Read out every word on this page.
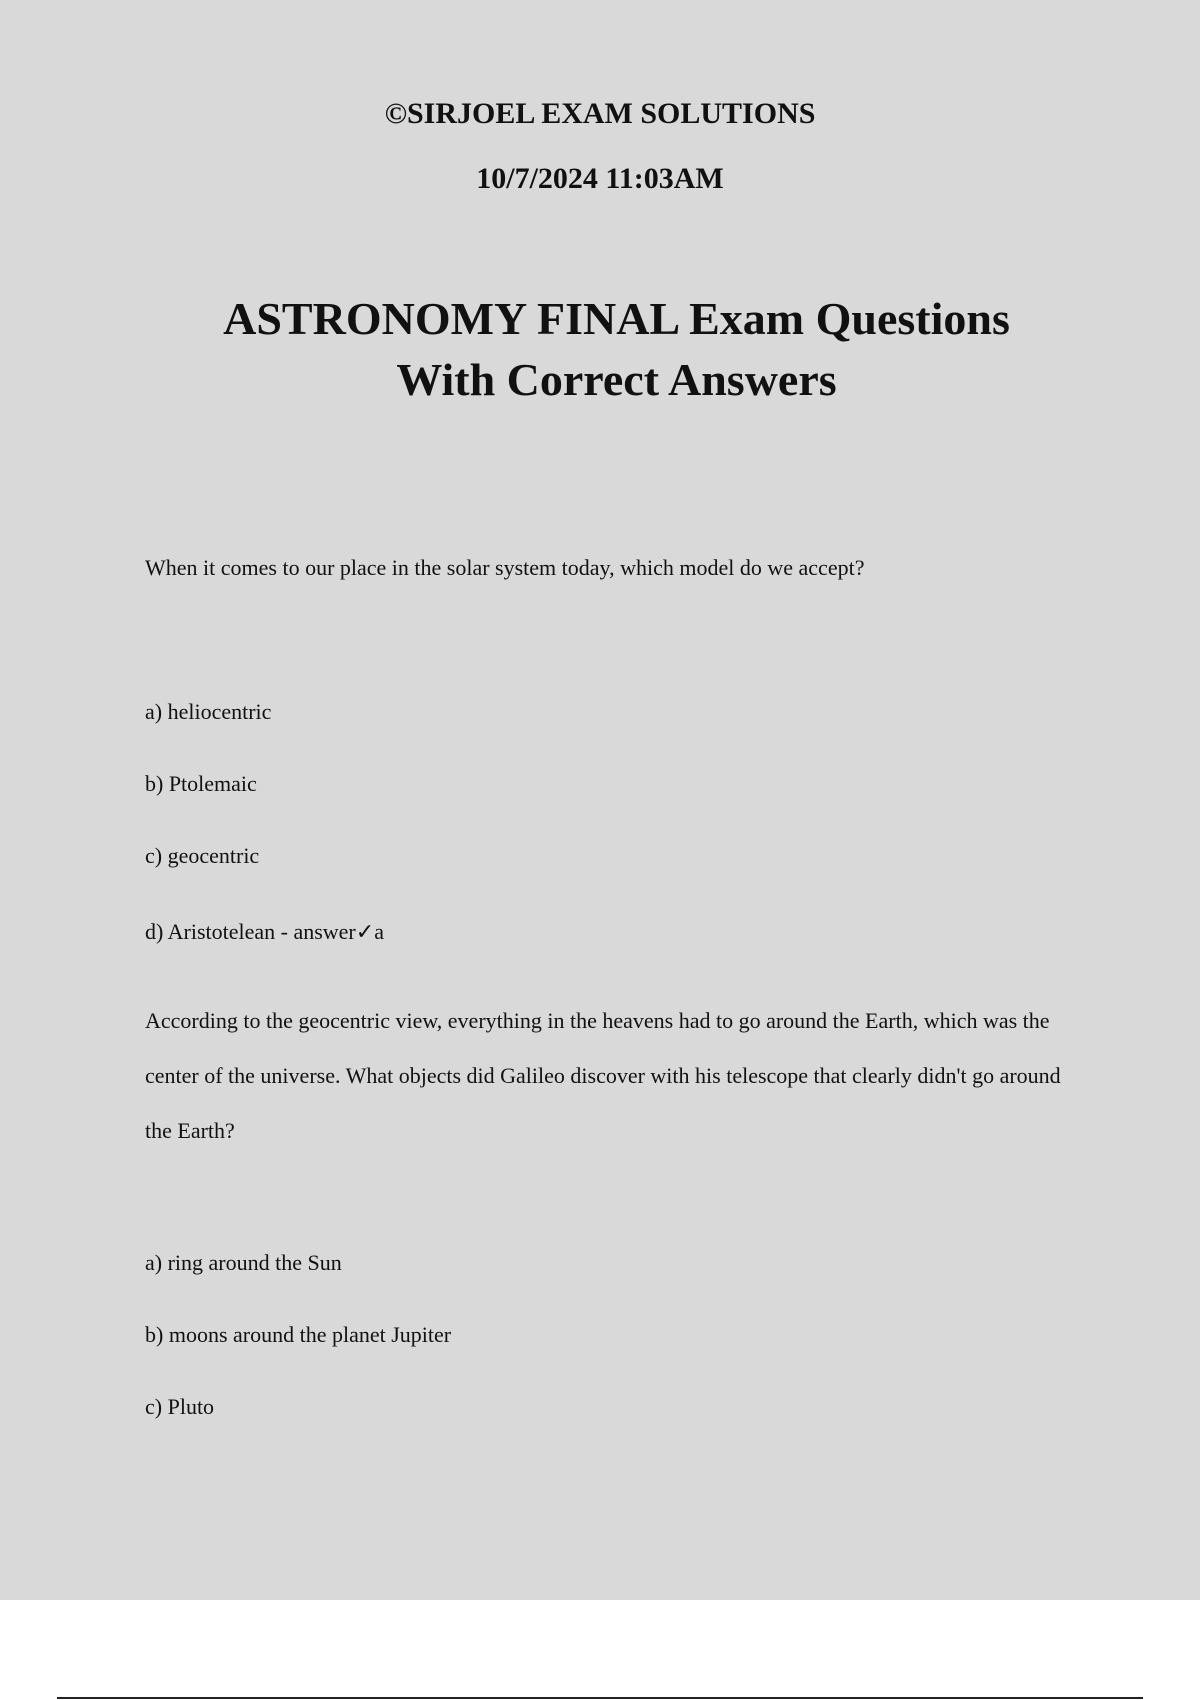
©SIRJOEL EXAM SOLUTIONS
10/7/2024 11:03AM
ASTRONOMY FINAL Exam Questions
With Correct Answers
When it comes to our place in the solar system today, which model do we accept?
a) heliocentric
b) Ptolemaic
c) geocentric
d) Aristotelean - answer✓a
According to the geocentric view, everything in the heavens had to go around the Earth, which was the center of the universe. What objects did Galileo discover with his telescope that clearly didn't go around the Earth?
a) ring around the Sun
b) moons around the planet Jupiter
c) Pluto
